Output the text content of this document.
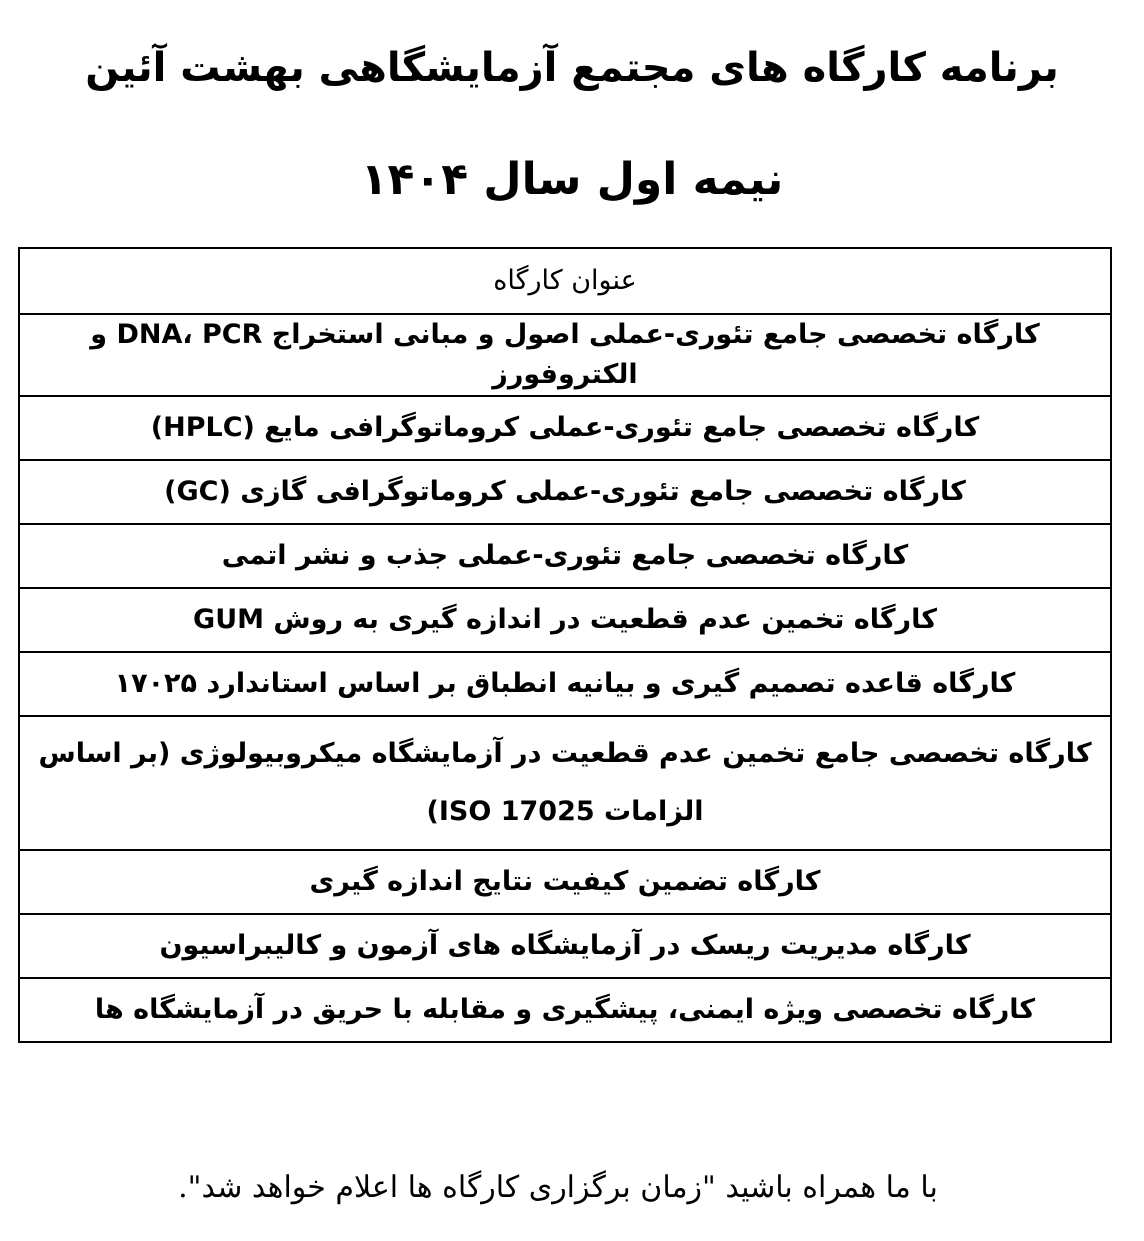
برنامه کارگاه های مجتمع آزمایشگاهی بهشت آئین
نیمه اول سال ۱۴۰۴
عنوان کارگاه
کارگاه تخصصی جامع تئوری-عملی اصول و مبانی استخراج DNA، PCR و الکتروفورز
کارگاه تخصصی جامع تئوری-عملی کروماتوگرافی مایع (HPLC)
کارگاه تخصصی جامع تئوری-عملی کروماتوگرافی گازی (GC)
کارگاه تخصصی جامع تئوری-عملی جذب و نشر اتمی
کارگاه تخمین عدم قطعیت در اندازه گیری به روش GUM
کارگاه قاعده تصمیم گیری و بیانیه انطباق بر اساس استاندارد ۱۷۰۲۵
کارگاه تخصصی جامع تخمین عدم قطعیت در آزمایشگاه میکروبیولوژی (بر اساس الزامات ISO 17025)
کارگاه تضمین کیفیت نتایج اندازه گیری
کارگاه مدیریت ریسک در آزمایشگاه های آزمون و کالیبراسیون
کارگاه تخصصی ویژه ایمنی، پیشگیری و مقابله با حریق در آزمایشگاه ها
با ما همراه باشید "زمان برگزاری کارگاه ها اعلام خواهد شد".
